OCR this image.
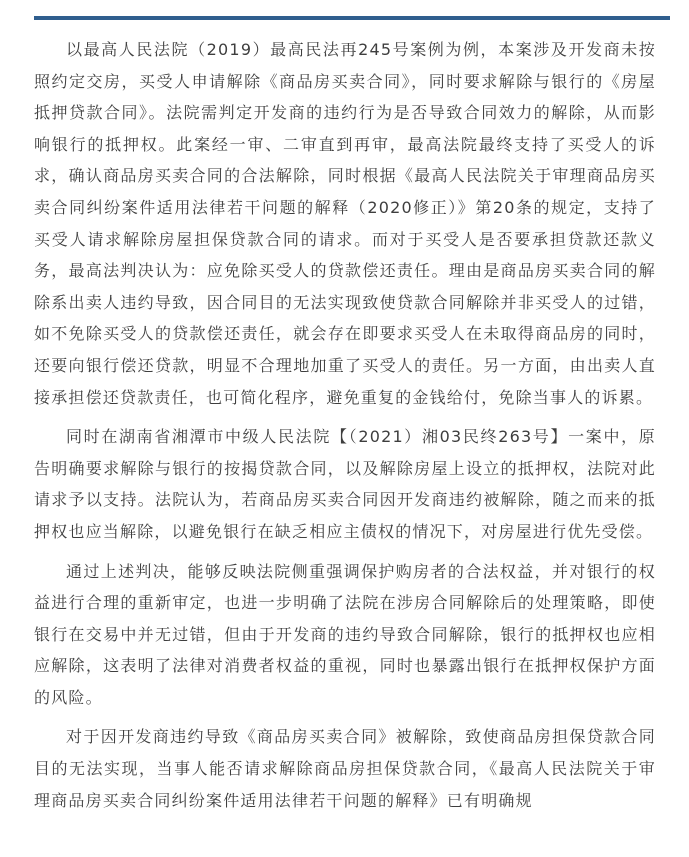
以最高人民法院（2019）最高民法再245号案例为例，本案涉及开发商未按照约定交房，买受人申请解除《商品房买卖合同》，同时要求解除与银行的《房屋抵押贷款合同》。法院需判定开发商的违约行为是否导致合同效力的解除，从而影响银行的抵押权。此案经一审、二审直到再审，最高法院最终支持了买受人的诉求，确认商品房买卖合同的合法解除，同时根据《最高人民法院关于审理商品房买卖合同纠纷案件适用法律若干问题的解释（2020修正）》第20条的规定，支持了买受人请求解除房屋担保贷款合同的请求。而对于买受人是否要承担贷款还款义务，最高法判决认为：应免除买受人的贷款偿还责任。理由是商品房买卖合同的解除系出卖人违约导致，因合同目的无法实现致使贷款合同解除并非买受人的过错，如不免除买受人的贷款偿还责任，就会存在即要求买受人在未取得商品房的同时，还要向银行偿还贷款，明显不合理地加重了买受人的责任。另一方面，由出卖人直接承担偿还贷款责任，也可简化程序，避免重复的金钱给付，免除当事人的诉累。

同时在湖南省湘潭市中级人民法院【（2021）湘03民终263号】一案中，原告明确要求解除与银行的按揭贷款合同，以及解除房屋上设立的抵押权，法院对此请求予以支持。法院认为，若商品房买卖合同因开发商违约被解除，随之而来的抵押权也应当解除，以避免银行在缺乏相应主债权的情况下，对房屋进行优先受偿。

通过上述判决，能够反映法院侧重强调保护购房者的合法权益，并对银行的权益进行合理的重新审定，也进一步明确了法院在涉房合同解除后的处理策略，即使银行在交易中并无过错，但由于开发商的违约导致合同解除，银行的抵押权也应相应解除，这表明了法律对消费者权益的重视，同时也暴露出银行在抵押权保护方面的风险。

对于因开发商违约导致《商品房买卖合同》被解除，致使商品房担保贷款合同目的无法实现，当事人能否请求解除商品房担保贷款合同，《最高人民法院关于审理商品房买卖合同纠纷案件适用法律若干问题的解释》已有明确规
